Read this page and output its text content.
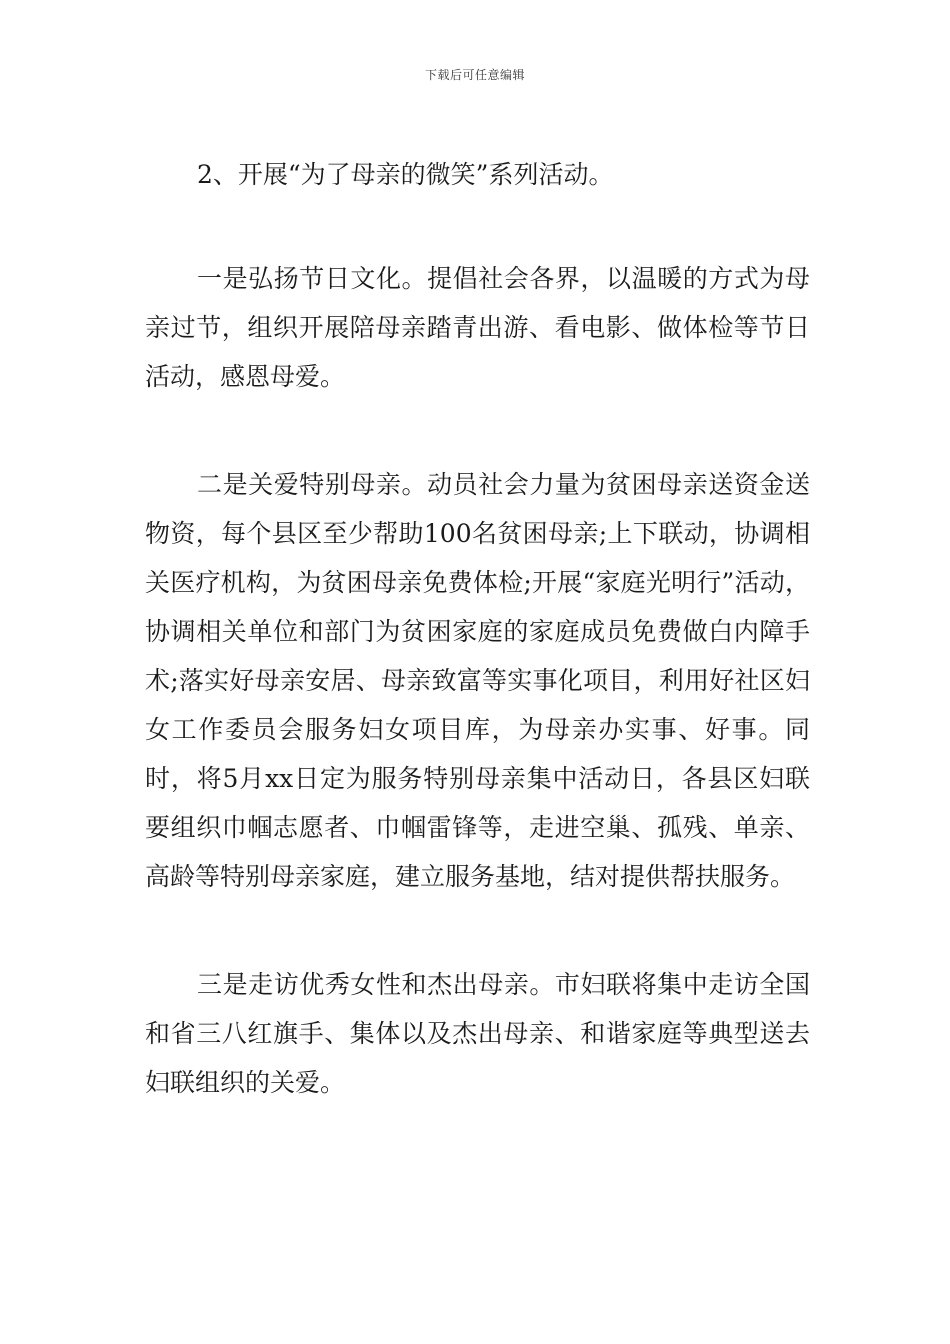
下载后可任意编辑

2、开展“为了母亲的微笑”系列活动。

一是弘扬节日文化。提倡社会各界，以温暖的方式为母亲过节，组织开展陪母亲踏青出游、看电影、做体检等节日活动，感恩母爱。

二是关爱特别母亲。动员社会力量为贫困母亲送资金送物资，每个县区至少帮助100名贫困母亲;上下联动，协调相关医疗机构，为贫困母亲免费体检;开展“家庭光明行”活动，协调相关单位和部门为贫困家庭的家庭成员免费做白内障手术;落实好母亲安居、母亲致富等实事化项目，利用好社区妇女工作委员会服务妇女项目库，为母亲办实事、好事。同时，将5月xx日定为服务特别母亲集中活动日，各县区妇联要组织巾帼志愿者、巾帼雷锋等，走进空巢、孤残、单亲、高龄等特别母亲家庭，建立服务基地，结对提供帮扶服务。

三是走访优秀女性和杰出母亲。市妇联将集中走访全国和省三八红旗手、集体以及杰出母亲、和谐家庭等典型送去妇联组织的关爱。
